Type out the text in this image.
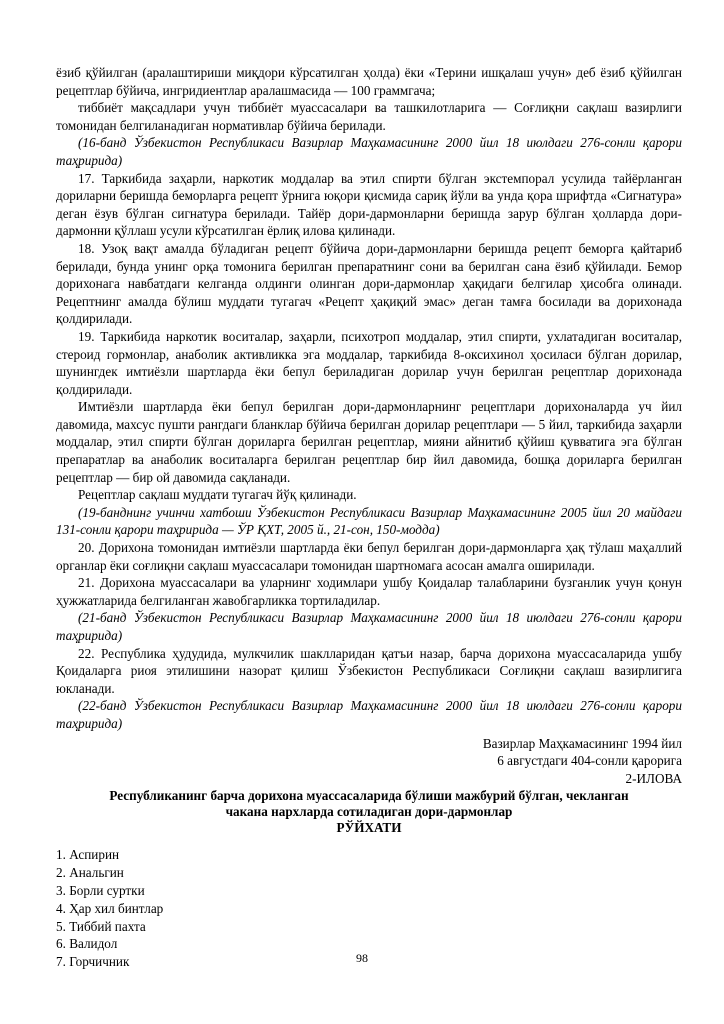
ёзиб қўйилган (аралаштириши миқдори кўрсатилган ҳолда) ёки «Терини ишқалаш учун» деб ёзиб қўйилган рецептлар бўйича, ингридиентлар аралашмасида — 100 граммгача;

тиббиёт мақсадлари учун тиббиёт муассасалари ва ташкилотларига — Соғлиқни сақлаш вазирлиги томонидан белгиланадиган нормативлар бўйича берилади.

(16-банд Ўзбекистон Республикаси Вазирлар Маҳкамасининг 2000 йил 18 июлдаги 276-сонли қарори таҳририда)

17. Таркибида заҳарли, наркотик моддалар ва этил спирти бўлган экстемпорал усулида тайёрланган дориларни беришда беморларга рецепт ўрнига юқори қисмида сариқ йўли ва унда қора шрифтда «Сигнатура» деган ёзув бўлган сигнатура берилади. Тайёр дори-дармонларни беришда зарур бўлган ҳолларда дори-дармонни қўллаш усули кўрсатилган ёрлиқ илова қилинади.

18. Узоқ вақт амалда бўладиган рецепт бўйича дори-дармонларни беришда рецепт беморга қайтариб берилади, бунда унинг орқа томонига берилган препаратнинг сони ва берилган сана ёзиб қўйилади. Бемор дорихонага навбатдаги келганда олдинги олинган дори-дармонлар ҳақидаги белгилар ҳисобга олинади. Рецептнинг амалда бўлиш муддати тугагач «Рецепт ҳақиқий эмас» деган тамға босилади ва дорихонада қолдирилади.

19. Таркибида наркотик воситалар, заҳарли, психотроп моддалар, этил спирти, ухлатадиган воситалар, стероид гормонлар, анаболик активликка эга моддалар, таркибида 8-оксихинол ҳосиласи бўлган дорилар, шунингдек имтиёзли шартларда ёки бепул бериладиган дорилар учун берилган рецептлар дорихонада қолдирилади.

Имтиёзли шартларда ёки бепул берилган дори-дармонларнинг рецептлари дорихоналарда уч йил давомида, махсус пушти рангдаги бланклар бўйича берилган дорилар рецептлари — 5 йил, таркибида заҳарли моддалар, этил спирти бўлган дориларга берилган рецептлар, мияни айнитиб қўйиш қувватига эга бўлган препаратлар ва анаболик воситаларга берилган рецептлар бир йил давомида, бошқа дориларга берилган рецептлар — бир ой давомида сақланади.

Рецептлар сақлаш муддати тугагач йўқ қилинади.

(19-банднинг учинчи хатбоши Ўзбекистон Республикаси Вазирлар Маҳкамасининг 2005 йил 20 майдаги 131-сонли қарори таҳририда — ЎР ҚХТ, 2005 й., 21-сон, 150-модда)

20. Дорихона томонидан имтиёзли шартларда ёки бепул берилган дори-дармонларга ҳақ тўлаш маҳаллий органлар ёки соғлиқни сақлаш муассасалари томонидан шартномага асосан амалга оширилади.

21. Дорихона муассасалари ва уларнинг ходимлари ушбу Қоидалар талабларини бузганлик учун қонун ҳужжатларида белгиланган жавобгарликка тортиладилар.

(21-банд Ўзбекистон Республикаси Вазирлар Маҳкамасининг 2000 йил 18 июлдаги 276-сонли қарори таҳририда)

22. Республика ҳудудида, мулкчилик шаклларидан қатъи назар, барча дорихона муассасаларида ушбу Қоидаларга риоя этилишини назорат қилиш Ўзбекистон Республикаси Соғлиқни сақлаш вазирлигига юкланади.

(22-банд Ўзбекистон Республикаси Вазирлар Маҳкамасининг 2000 йил 18 июлдаги 276-сонли қарори таҳририда)

Вазирлар Маҳкамасининг 1994 йил

6 августдаги 404-сонли қарорига

2-ИЛОВА

Республиканинг барча дорихона муассасаларида бўлиши мажбурий бўлган, чекланган

чакана нархларда сотиладиган дори-дармонлар

РЎЙХАТИ

1. Аспирин
2. Анальгин
3. Борли суртки
4. Ҳар хил бинтлар
5. Тиббий пахта
6. Валидол
7. Горчичник	98
